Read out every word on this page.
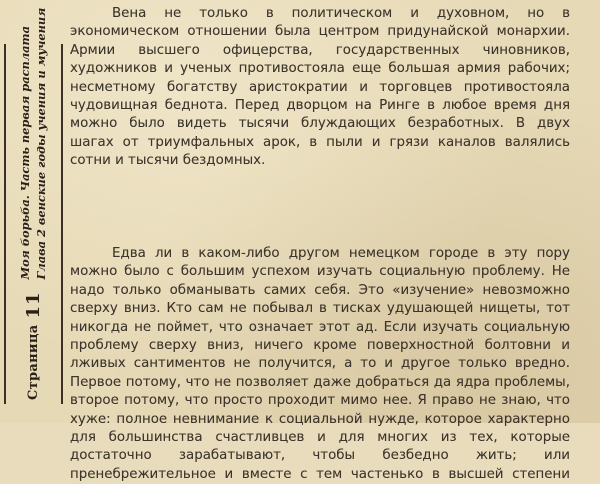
Страница
11
Моя борьба. Часть первая расплата Глава 2 венские годы учения и мучения	Вена не только в политическом и духовном, но в
экономическом отношении была центром придунайской монархии.
Армии высшего офицерства, государственных чиновников,
художников и ученых противостояла еще большая армия рабочих;
несметному богатству аристократии и торговцев противостояла
чудовищная беднота. Перед дворцом на Ринге в любое время дня
можно было видеть тысячи блуждающих безработных. В двух
шагах от триумфальных арок, в пыли и грязи каналов валялись
сотни и тысячи бездомных.
Едва ли в каком-либо другом немецком городе в эту пору
можно было с большим успехом изучать социальную проблему. Не
надо только обманывать самих себя. Это «изучение» невозможно
сверху вниз. Кто сам не побывал в тисках удушающей нищеты, тот
никогда не поймет, что означает этот ад. Если изучать социальную
проблему сверху вниз, ничего кроме поверхностной болтовни и
лживых сантиментов не получится, а то и другое только вредно.
Первое потому, что не позволяет даже добраться да ядра проблемы,
второе потому, что просто проходит мимо нее. Я право не знаю, что
хуже: полное невнимание к социальной нужде, которое характерно
для большинства счастливцев и для многих из тех, которые
достаточно зарабатывают, чтобы безбедно жить; или
пренебрежительное и вместе с тем частенько в высшей степени
